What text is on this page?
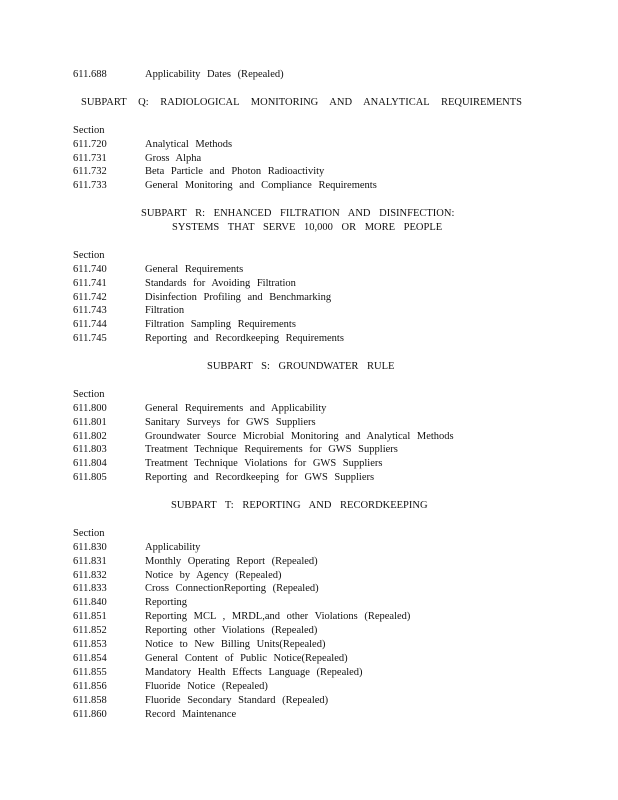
611.688	Applicability Dates (Repealed)
SUBPART Q: RADIOLOGICAL MONITORING AND ANALYTICAL REQUIREMENTS
Section
611.720	Analytical Methods
611.731	Gross Alpha
611.732	Beta Particle and Photon Radioactivity
611.733	General Monitoring and Compliance Requirements
SUBPART R: ENHANCED FILTRATION AND DISINFECTION:
SYSTEMS THAT SERVE 10,000 OR MORE PEOPLE
Section
611.740	General Requirements
611.741	Standards for Avoiding Filtration
611.742	Disinfection Profiling and Benchmarking
611.743	Filtration
611.744	Filtration Sampling Requirements
611.745	Reporting and Recordkeeping Requirements
SUBPART S: GROUNDWATER RULE
Section
611.800	General Requirements and Applicability
611.801	Sanitary Surveys for GWS Suppliers
611.802	Groundwater Source Microbial Monitoring and Analytical Methods
611.803	Treatment Technique Requirements for GWS Suppliers
611.804	Treatment Technique Violations for GWS Suppliers
611.805	Reporting and Recordkeeping for GWS Suppliers
SUBPART T: REPORTING AND RECORDKEEPING
Section
611.830	Applicability
611.831	Monthly Operating Report (Repealed)
611.832	Notice by Agency (Repealed)
611.833	Cross ConnectionReporting (Repealed)
611.840	Reporting
611.851	Reporting MCL , MRDL,and other Violations (Repealed)
611.852	Reporting other Violations (Repealed)
611.853	Notice to New Billing Units(Repealed)
611.854	General Content of Public Notice(Repealed)
611.855	Mandatory Health Effects Language (Repealed)
611.856	Fluoride Notice (Repealed)
611.858	Fluoride Secondary Standard (Repealed)
611.860	Record Maintenance
